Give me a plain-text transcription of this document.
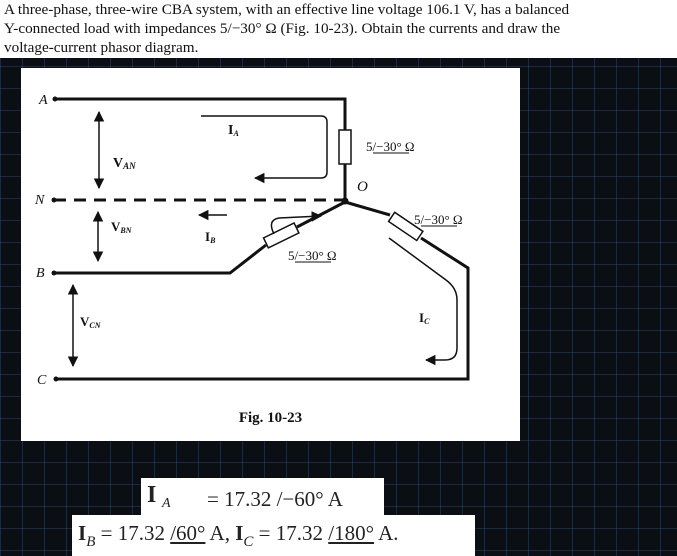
A three-phase, three-wire CBA system, with an effective line voltage 106.1 V, has a balanced
Y-connected load with impedances 5/−30° Ω (Fig. 10-23). Obtain the currents and draw the
voltage-current phasor diagram.
A
N
B
C
O
VAN
VBN
VCN
IA
IB
IC
5/−30° Ω
5/−30° Ω
5/−30° Ω
Fig. 10-23
I A = 17.32 /−60° A
$I_B = 17.32$ /60° A, $I_C = 17.32$ /180° A.
